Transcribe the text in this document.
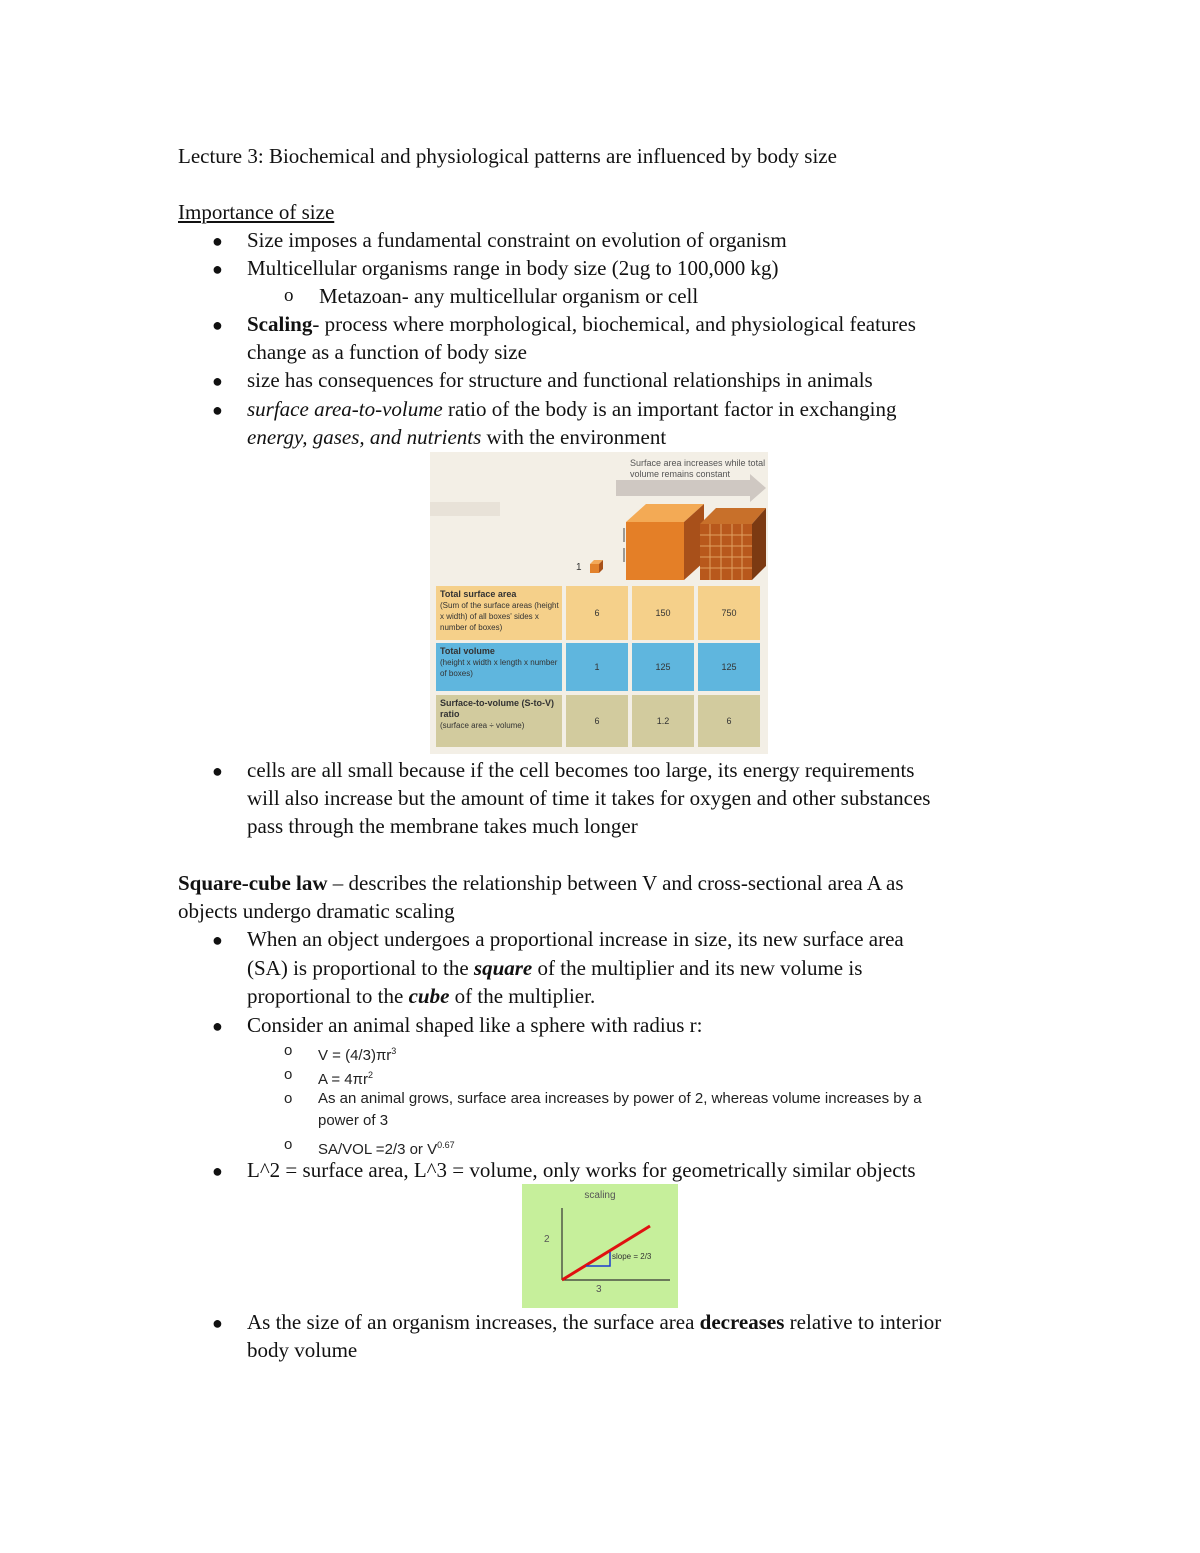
Lecture 3: Biochemical and physiological patterns are influenced by body size
Importance of size
● Size imposes a fundamental constraint on evolution of organism
● Multicellular organisms range in body size (2ug to 100,000 kg)
o Metazoan- any multicellular organism or cell
● Scaling- process where morphological, biochemical, and physiological features
change as a function of body size
● size has consequences for structure and functional relationships in animals
● surface area-to-volume ratio of the body is an important factor in exchanging
energy, gases, and nutrients with the environment
Surface area increases while total volume remains constant
1
Total surface area
(Sum of the surface areas (height x width) of all boxes' sides x number of boxes)
6	150	750
Total volume
(height x width x length x number of boxes)
1	125	125
Surface-to-volume (S-to-V) ratio
(surface area ÷ volume)	6	1.2	6
● cells are all small because if the cell becomes too large, its energy requirements
will also increase but the amount of time it takes for oxygen and other substances
pass through the membrane takes much longer
Square-cube law – describes the relationship between V and cross-sectional area A as
objects undergo dramatic scaling
● When an object undergoes a proportional increase in size, its new surface area
(SA) is proportional to the square of the multiplier and its new volume is
proportional to the cube of the multiplier.
● Consider an animal shaped like a sphere with radius r:
o $V = (4/3)\pi r^3$
o $A = 4\pi r^2$
o As an animal grows, surface area increases by power of 2, whereas volume increases by a
power of 3
o SA/VOL =2/3 or $V^{0.67}$
● L^2 = surface area, L^3 = volume, only works for geometrically similar objects
scaling
2
3
slope = 2/3
● As the size of an organism increases, the surface area decreases relative to interior
body volume
